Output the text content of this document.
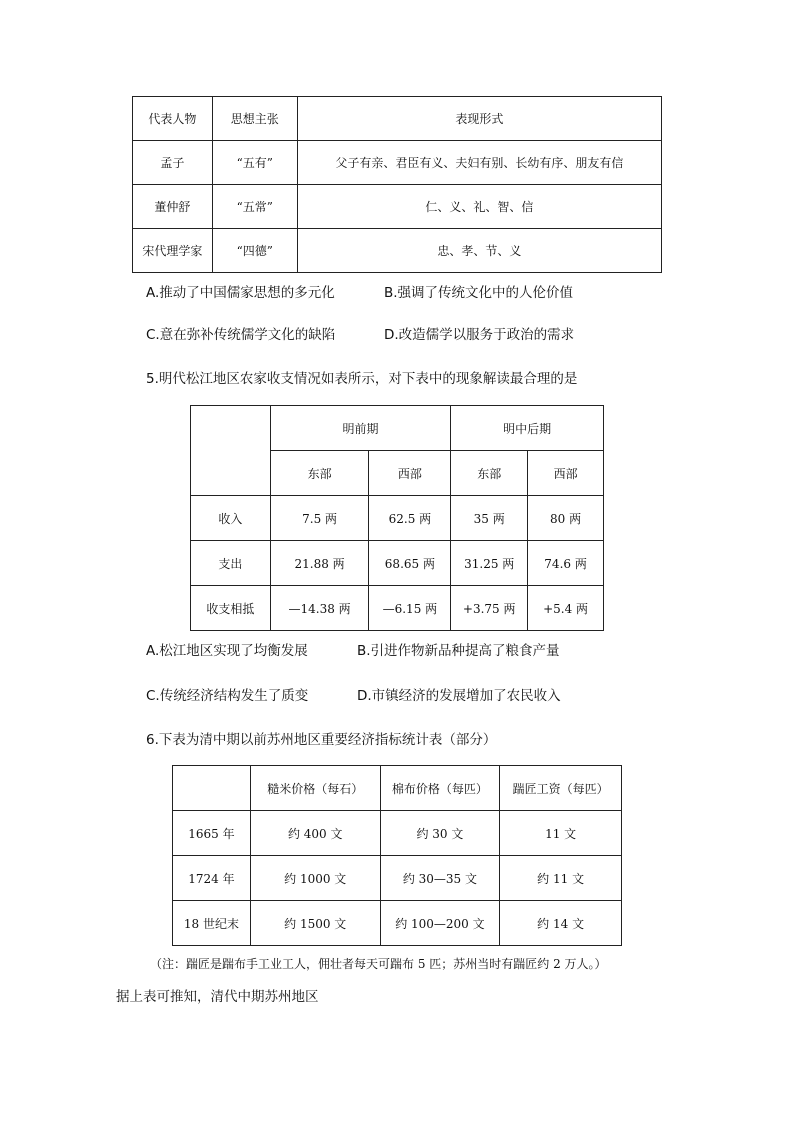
代表人物	思想主张	表现形式
孟子	“五有”	父子有亲、君臣有义、夫妇有别、长幼有序、朋友有信
董仲舒	“五常”	仁、义、礼、智、信
宋代理学家	“四德”	忠、孝、节、义
A.推动了中国儒家思想的多元化	B.强调了传统文化中的人伦价值
C.意在弥补传统儒学文化的缺陷	D.改造儒学以服务于政治的需求
5.明代松江地区农家收支情况如表所示，对下表中的现象解读最合理的是
	明前期		明中后期	
	东部	西部	东部	西部
收入	7.5 两	62.5 两	35 两	80 两
支出	21.88 两	68.65 两	31.25 两	74.6 两
收支相抵	—14.38 两	—6.15 两	+3.75 两	+5.4 两
A.松江地区实现了均衡发展	B.引进作物新品种提高了粮食产量
C.传统经济结构发生了质变	D.市镇经济的发展增加了农民收入
6.下表为清中期以前苏州地区重要经济指标统计表（部分）
	糙米价格（每石）	棉布价格（每匹）	踹匠工资（每匹）
1665 年	约 400 文	约 30 文	11 文
1724 年	约 1000 文	约 30—35 文	约 11 文
18 世纪末	约 1500 文	约 100—200 文	约 14 文
（注：踹匠是踹布手工业工人，佣壮者每天可踹布 5 匹；苏州当时有踹匠约 2 万人。）
据上表可推知，清代中期苏州地区
